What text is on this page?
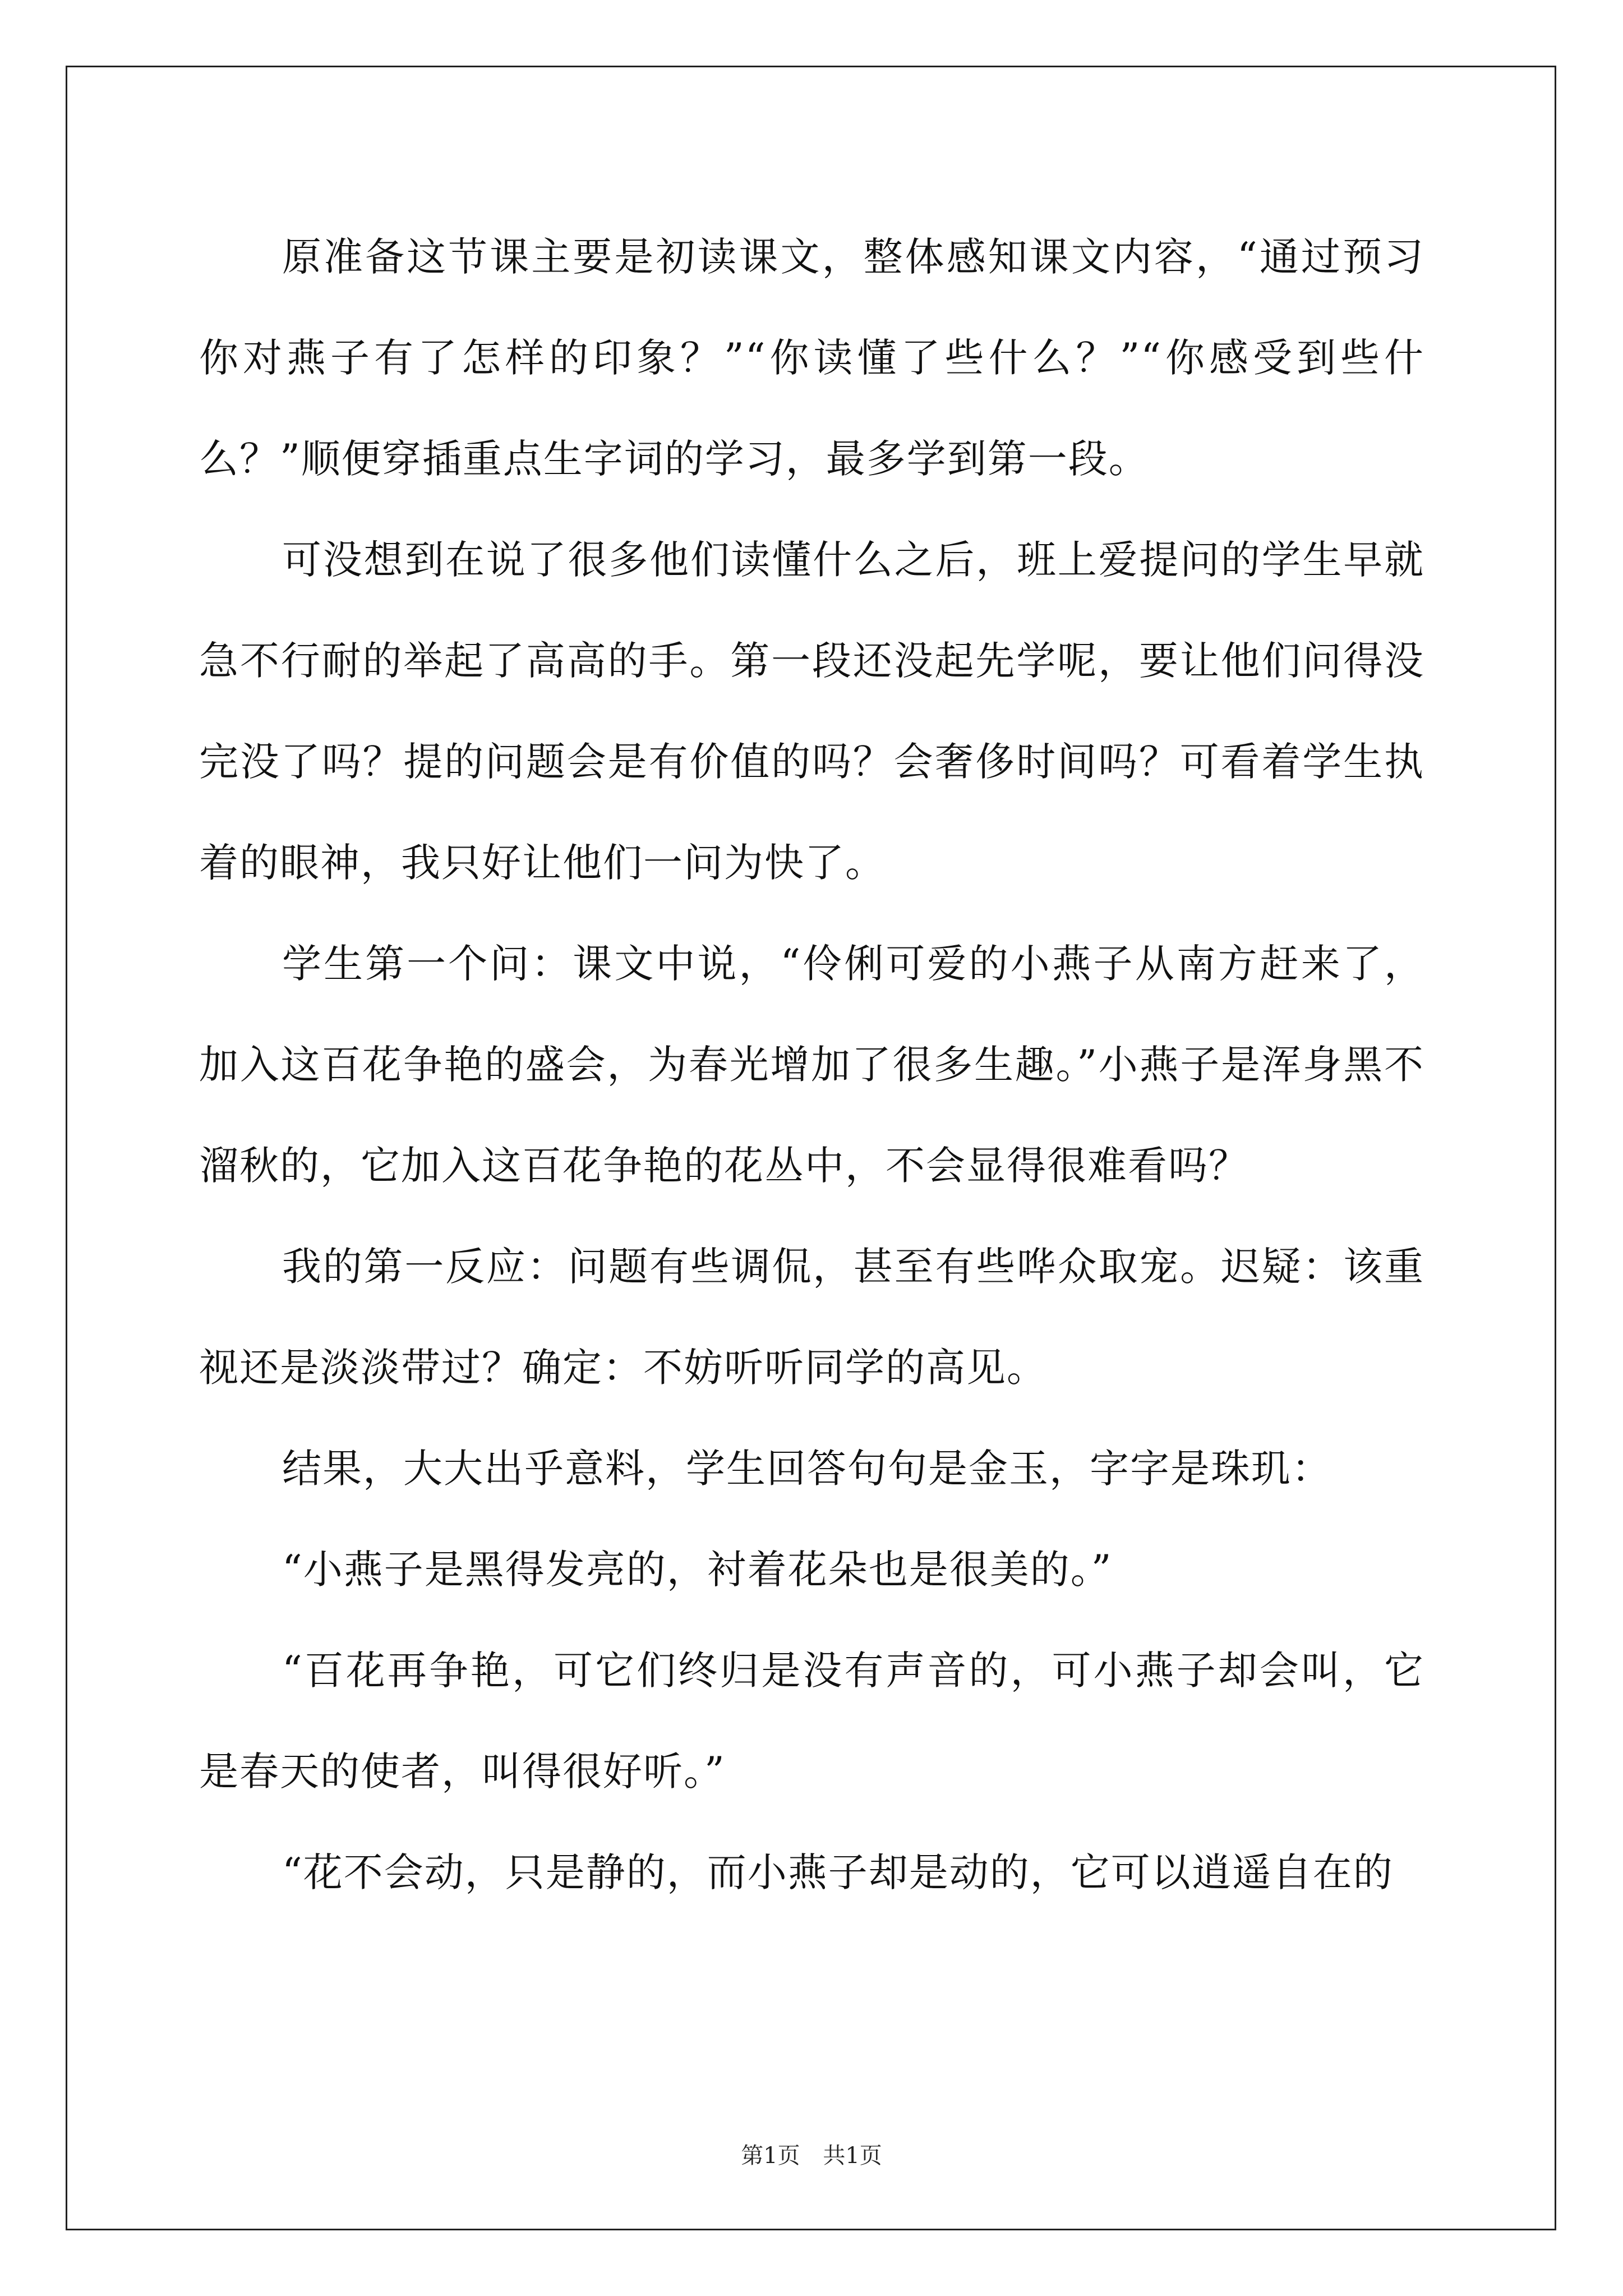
原准备这节课主要是初读课文，整体感知课文内容，“通过预习你对燕子有了怎样的印象？”“你读懂了些什么？”“你感受到些什么？”顺便穿插重点生字词的学习，最多学到第一段。

可没想到在说了很多他们读懂什么之后，班上爱提问的学生早就急不行耐的举起了高高的手。第一段还没起先学呢，要让他们问得没完没了吗？提的问题会是有价值的吗？会奢侈时间吗？可看着学生执着的眼神，我只好让他们一问为快了。

学生第一个问：课文中说，“伶俐可爱的小燕子从南方赶来了，加入这百花争艳的盛会，为春光增加了很多生趣。”小燕子是浑身黑不溜秋的，它加入这百花争艳的花丛中，不会显得很难看吗？

我的第一反应：问题有些调侃，甚至有些哗众取宠。迟疑：该重视还是淡淡带过？确定：不妨听听同学的高见。

结果，大大出乎意料，学生回答句句是金玉，字字是珠玑：

“小燕子是黑得发亮的，衬着花朵也是很美的。”

“百花再争艳，可它们终归是没有声音的，可小燕子却会叫，它是春天的使者，叫得很好听。”

“花不会动，只是静的，而小燕子却是动的，它可以逍遥自在的

第1页 共1页
